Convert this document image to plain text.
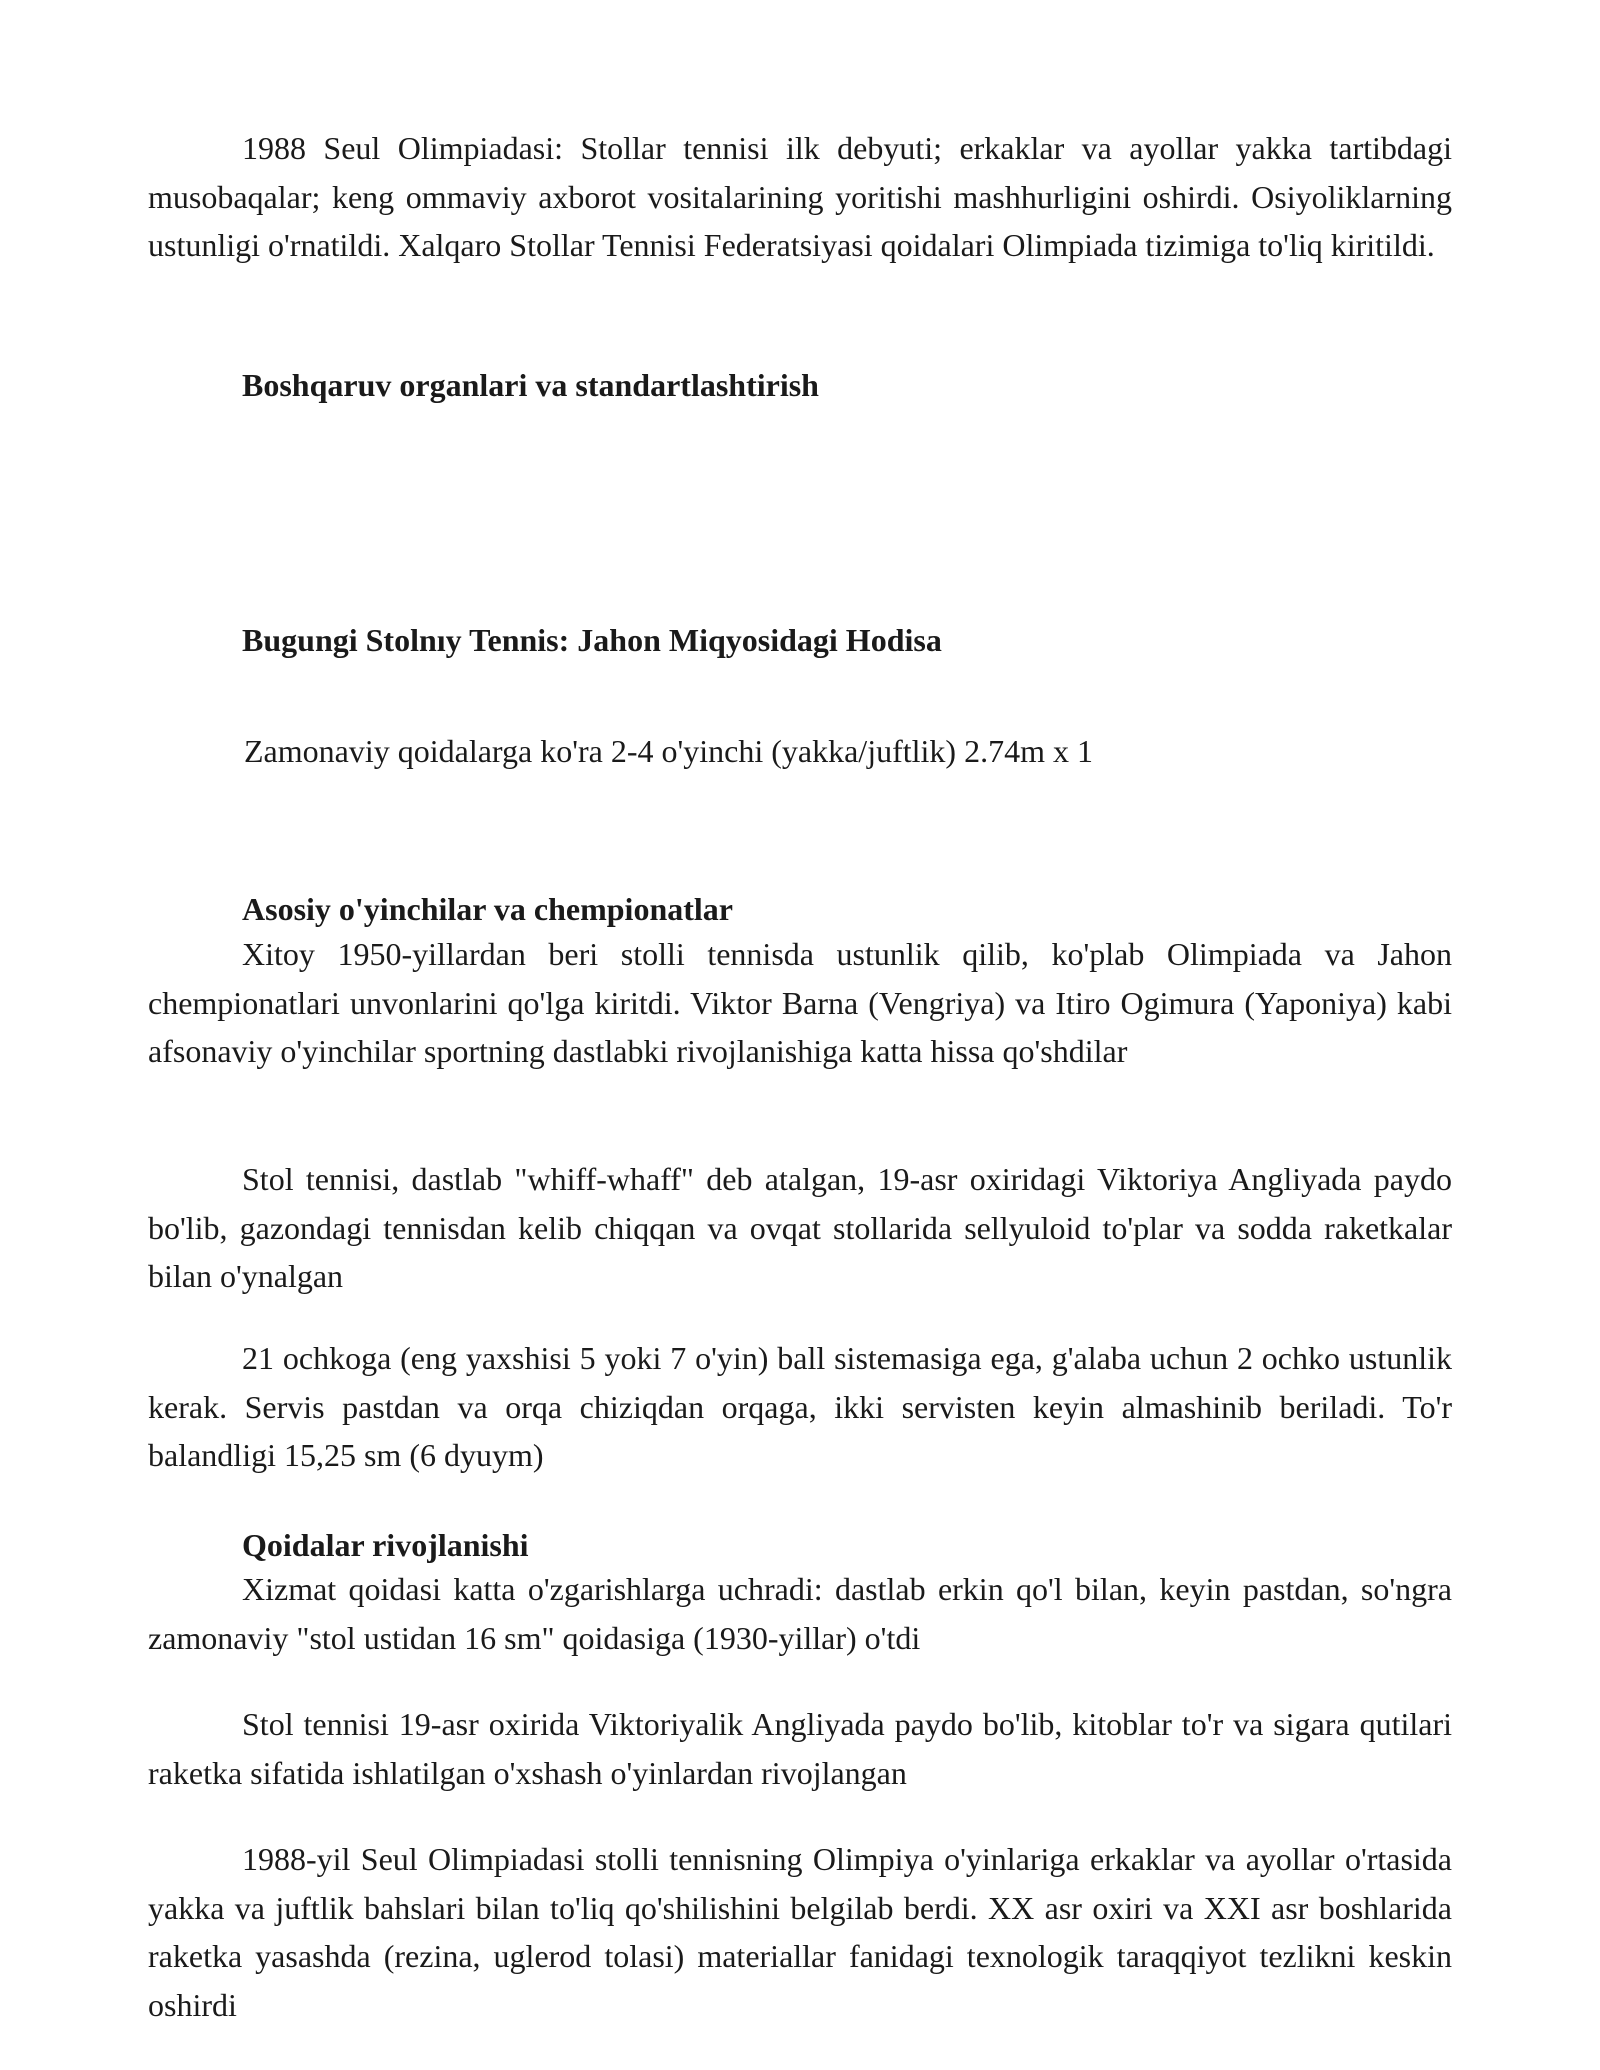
1988 Seul Olimpiadasi: Stollar tennisi ilk debyuti; erkaklar va ayollar yakka tartibdagi musobaqalar; keng ommaviy axborot vositalarining yoritishi mashhurligini oshirdi. Osiyoliklarning ustunligi o'rnatildi. Xalqaro Stollar Tennisi Federatsiyasi qoidalari Olimpiada tizimiga to'liq kiritildi.

Boshqaruv organlari va standartlashtirish

Bugungi Stolnıy Tennis: Jahon Miqyosidagi Hodisa

Zamonaviy qoidalarga ko'ra 2-4 o'yinchi (yakka/juftlik) 2.74m x 1

Asosiy o'yinchilar va chempionatlar

Xitoy 1950-yillardan beri stolli tennisda ustunlik qilib, ko'plab Olimpiada va Jahon chempionatlari unvonlarini qo'lga kiritdi. Viktor Barna (Vengriya) va Itiro Ogimura (Yaponiya) kabi afsonaviy o'yinchilar sportning dastlabki rivojlanishiga katta hissa qo'shdilar

Stol tennisi, dastlab "whiff-whaff" deb atalgan, 19-asr oxiridagi Viktoriya Angliyada paydo bo'lib, gazondagi tennisdan kelib chiqqan va ovqat stollarida sellyuloid to'plar va sodda raketkalar bilan o'ynalgan

21 ochkoga (eng yaxshisi 5 yoki 7 o'yin) ball sistemasiga ega, g'alaba uchun 2 ochko ustunlik kerak. Servis pastdan va orqa chiziqdan orqaga, ikki servisten keyin almashinib beriladi. To'r balandligi 15,25 sm (6 dyuym)

Qoidalar rivojlanishi

Xizmat qoidasi katta o'zgarishlarga uchradi: dastlab erkin qo'l bilan, keyin pastdan, so'ngra zamonaviy "stol ustidan 16 sm" qoidasiga (1930-yillar) o'tdi

Stol tennisi 19-asr oxirida Viktoriyalik Angliyada paydo bo'lib, kitoblar to'r va sigara qutilari raketka sifatida ishlatilgan o'xshash o'yinlardan rivojlangan

1988-yil Seul Olimpiadasi stolli tennisning Olimpiya o'yinlariga erkaklar va ayollar o'rtasida yakka va juftlik bahslari bilan to'liq qo'shilishini belgilab berdi. XX asr oxiri va XXI asr boshlarida raketka yasashda (rezina, uglerod tolasi) materiallar fanidagi texnologik taraqqiyot tezlikni keskin oshirdi
